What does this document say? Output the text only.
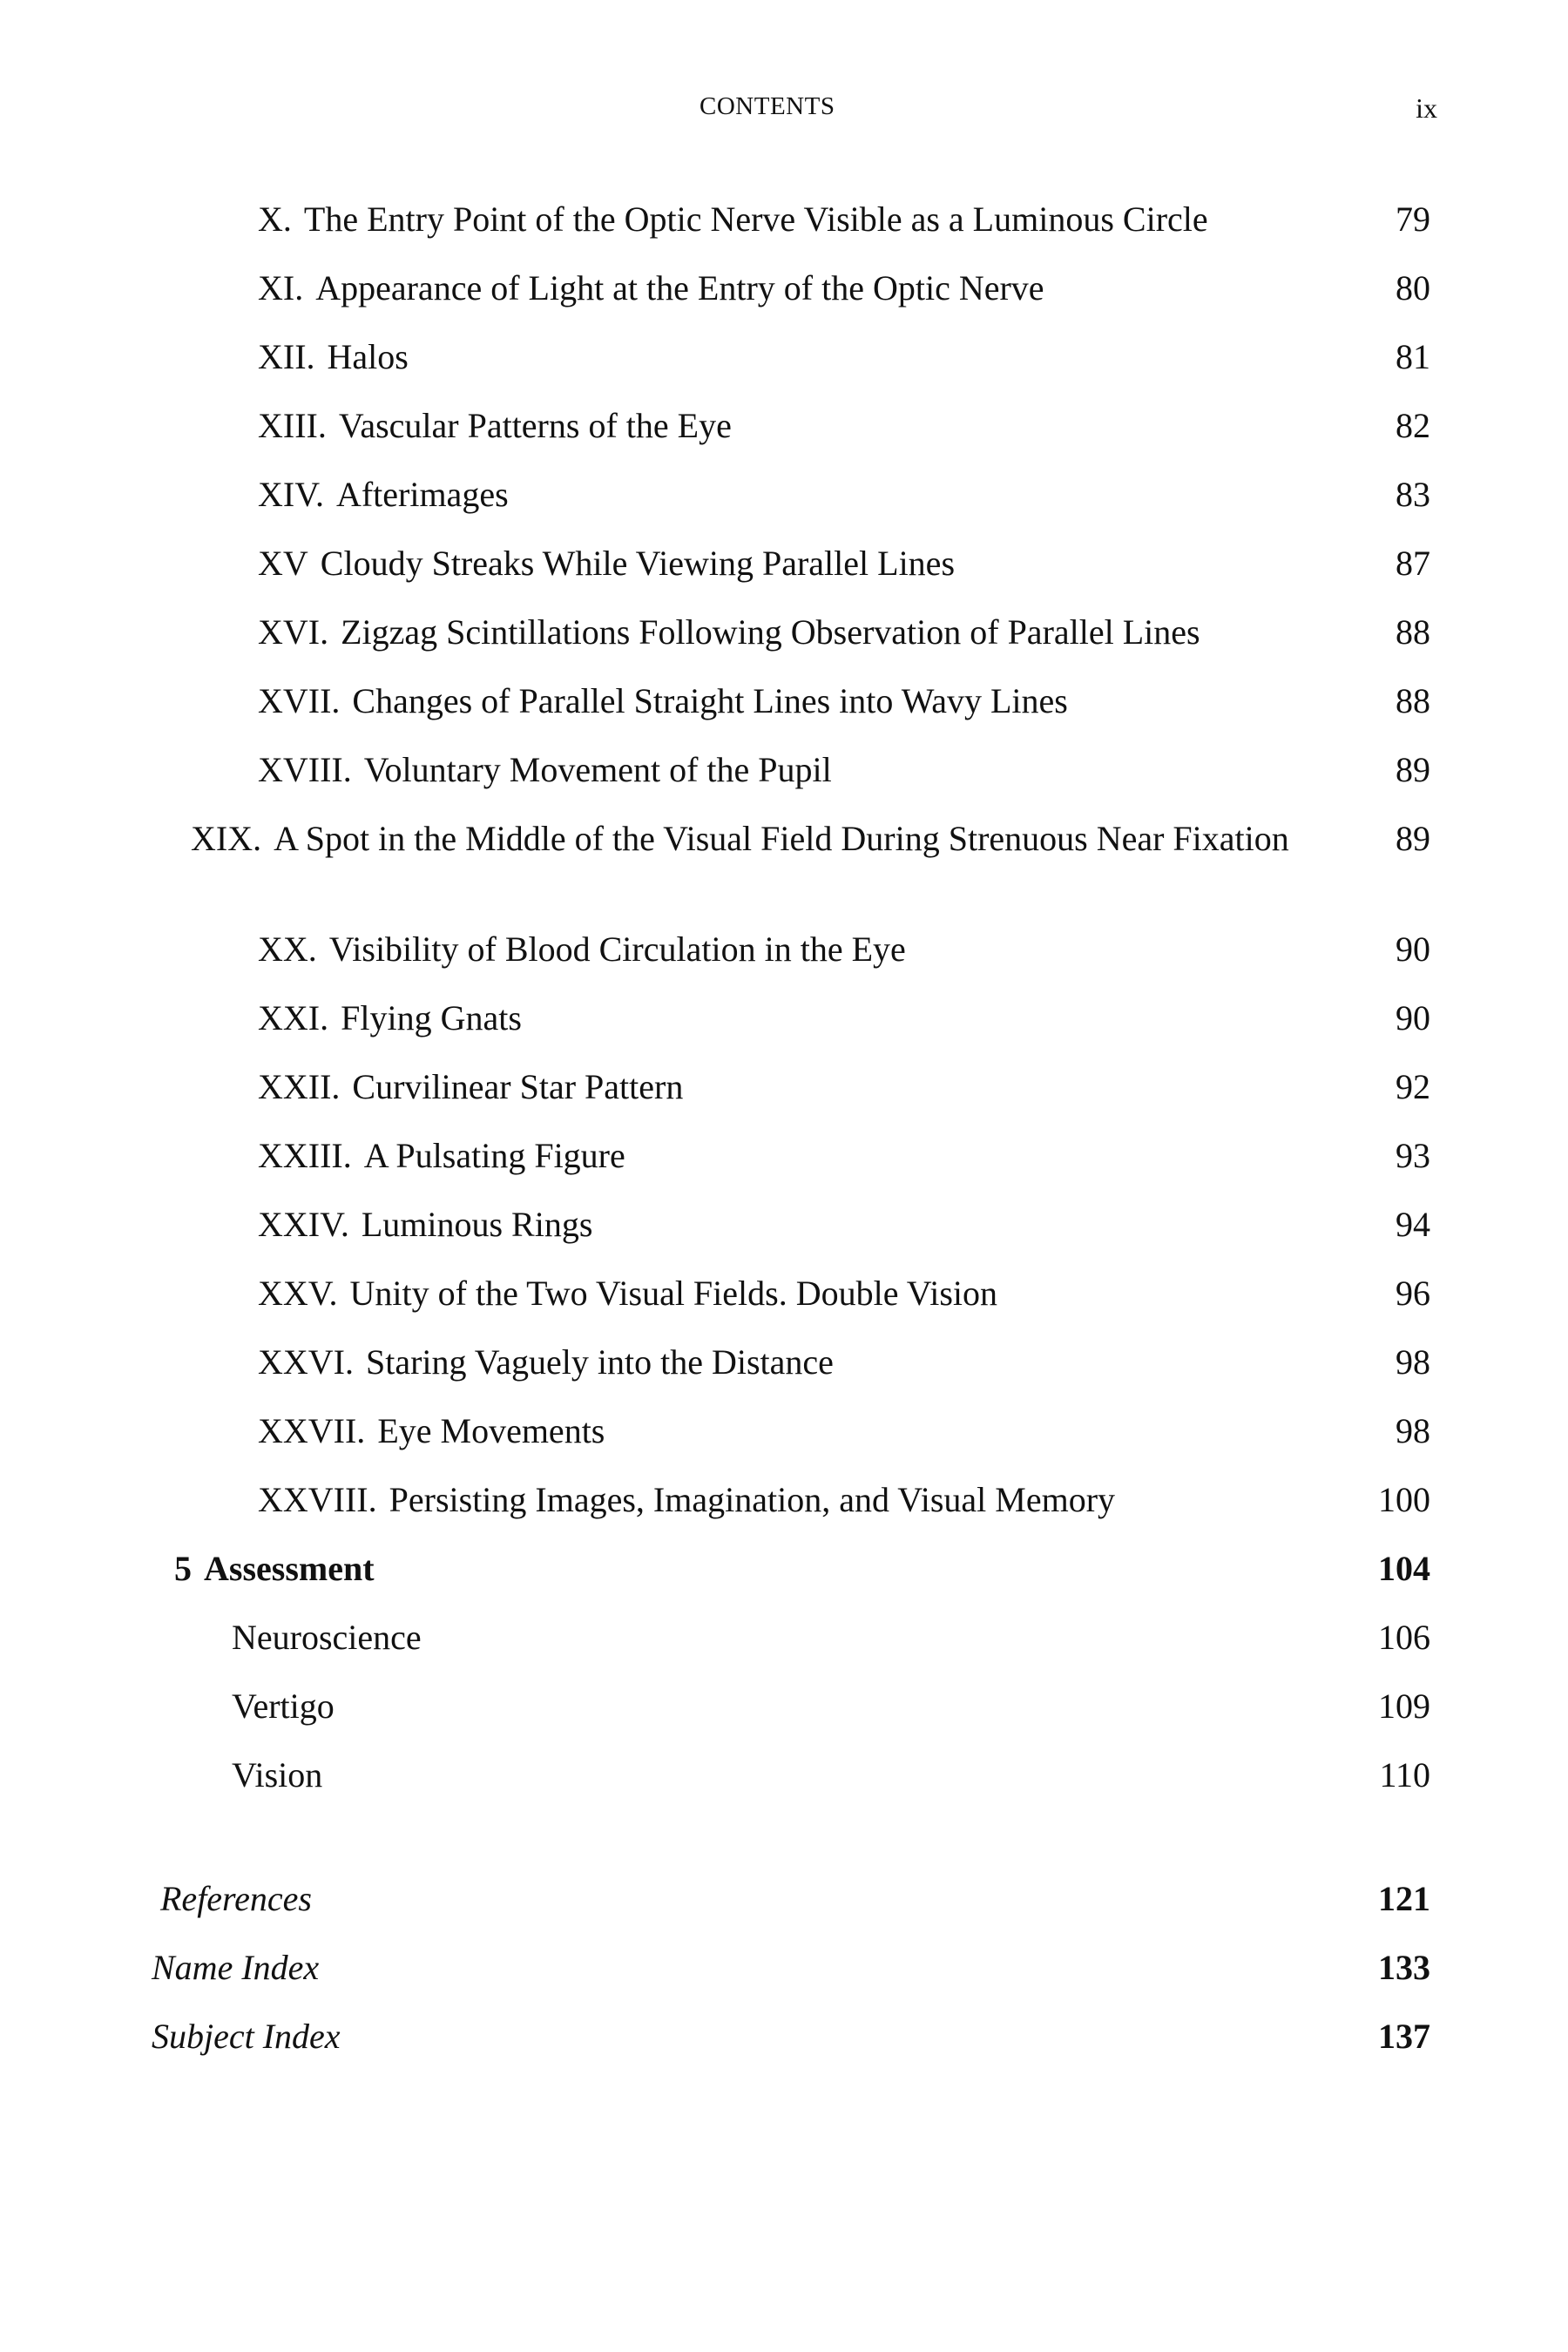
CONTENTS	ix
X. The Entry Point of the Optic Nerve Visible as a Luminous Circle	79
XI. Appearance of Light at the Entry of the Optic Nerve	80
XII. Halos	81
XIII. Vascular Patterns of the Eye	82
XIV. Afterimages	83
XV Cloudy Streaks While Viewing Parallel Lines	87
XVI. Zigzag Scintillations Following Observation of Parallel Lines	88
XVII. Changes of Parallel Straight Lines into Wavy Lines	88
XVIII. Voluntary Movement of the Pupil	89
XIX. A Spot in the Middle of the Visual Field During Strenuous Near Fixation	89
XX. Visibility of Blood Circulation in the Eye	90
XXI. Flying Gnats	90
XXII. Curvilinear Star Pattern	92
XXIII. A Pulsating Figure	93
XXIV. Luminous Rings	94
XXV. Unity of the Two Visual Fields. Double Vision	96
XXVI. Staring Vaguely into the Distance	98
XXVII. Eye Movements	98
XXVIII. Persisting Images, Imagination, and Visual Memory	100
5 Assessment	104
Neuroscience	106
Vertigo	109
Vision	110
References	121
Name Index	133
Subject Index	137
